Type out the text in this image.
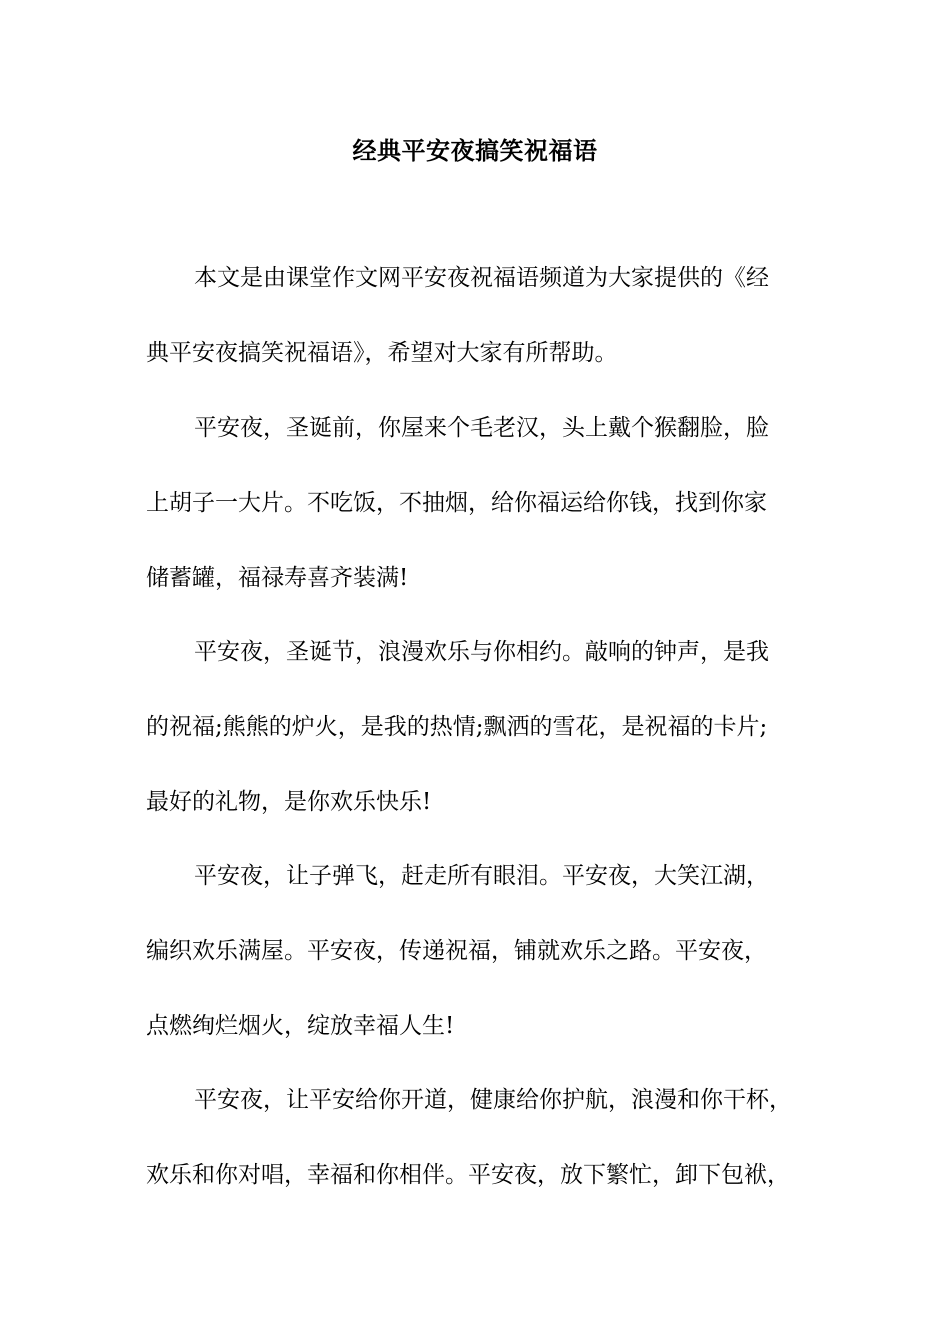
经典平安夜搞笑祝福语
本文是由课堂作文网平安夜祝福语频道为大家提供的《经
典平安夜搞笑祝福语》，希望对大家有所帮助。
平安夜，圣诞前，你屋来个毛老汉，头上戴个猴翻脸，脸
上胡子一大片。不吃饭，不抽烟，给你福运给你钱，找到你家
储蓄罐，福禄寿喜齐装满!
平安夜，圣诞节，浪漫欢乐与你相约。敲响的钟声，是我
的祝福;熊熊的炉火，是我的热情;飘洒的雪花，是祝福的卡片;
最好的礼物，是你欢乐快乐!
平安夜，让子弹飞，赶走所有眼泪。平安夜，大笑江湖，
编织欢乐满屋。平安夜，传递祝福，铺就欢乐之路。平安夜，
点燃绚烂烟火，绽放幸福人生!
平安夜，让平安给你开道，健康给你护航，浪漫和你干杯，
欢乐和你对唱，幸福和你相伴。平安夜，放下繁忙，卸下包袱，
